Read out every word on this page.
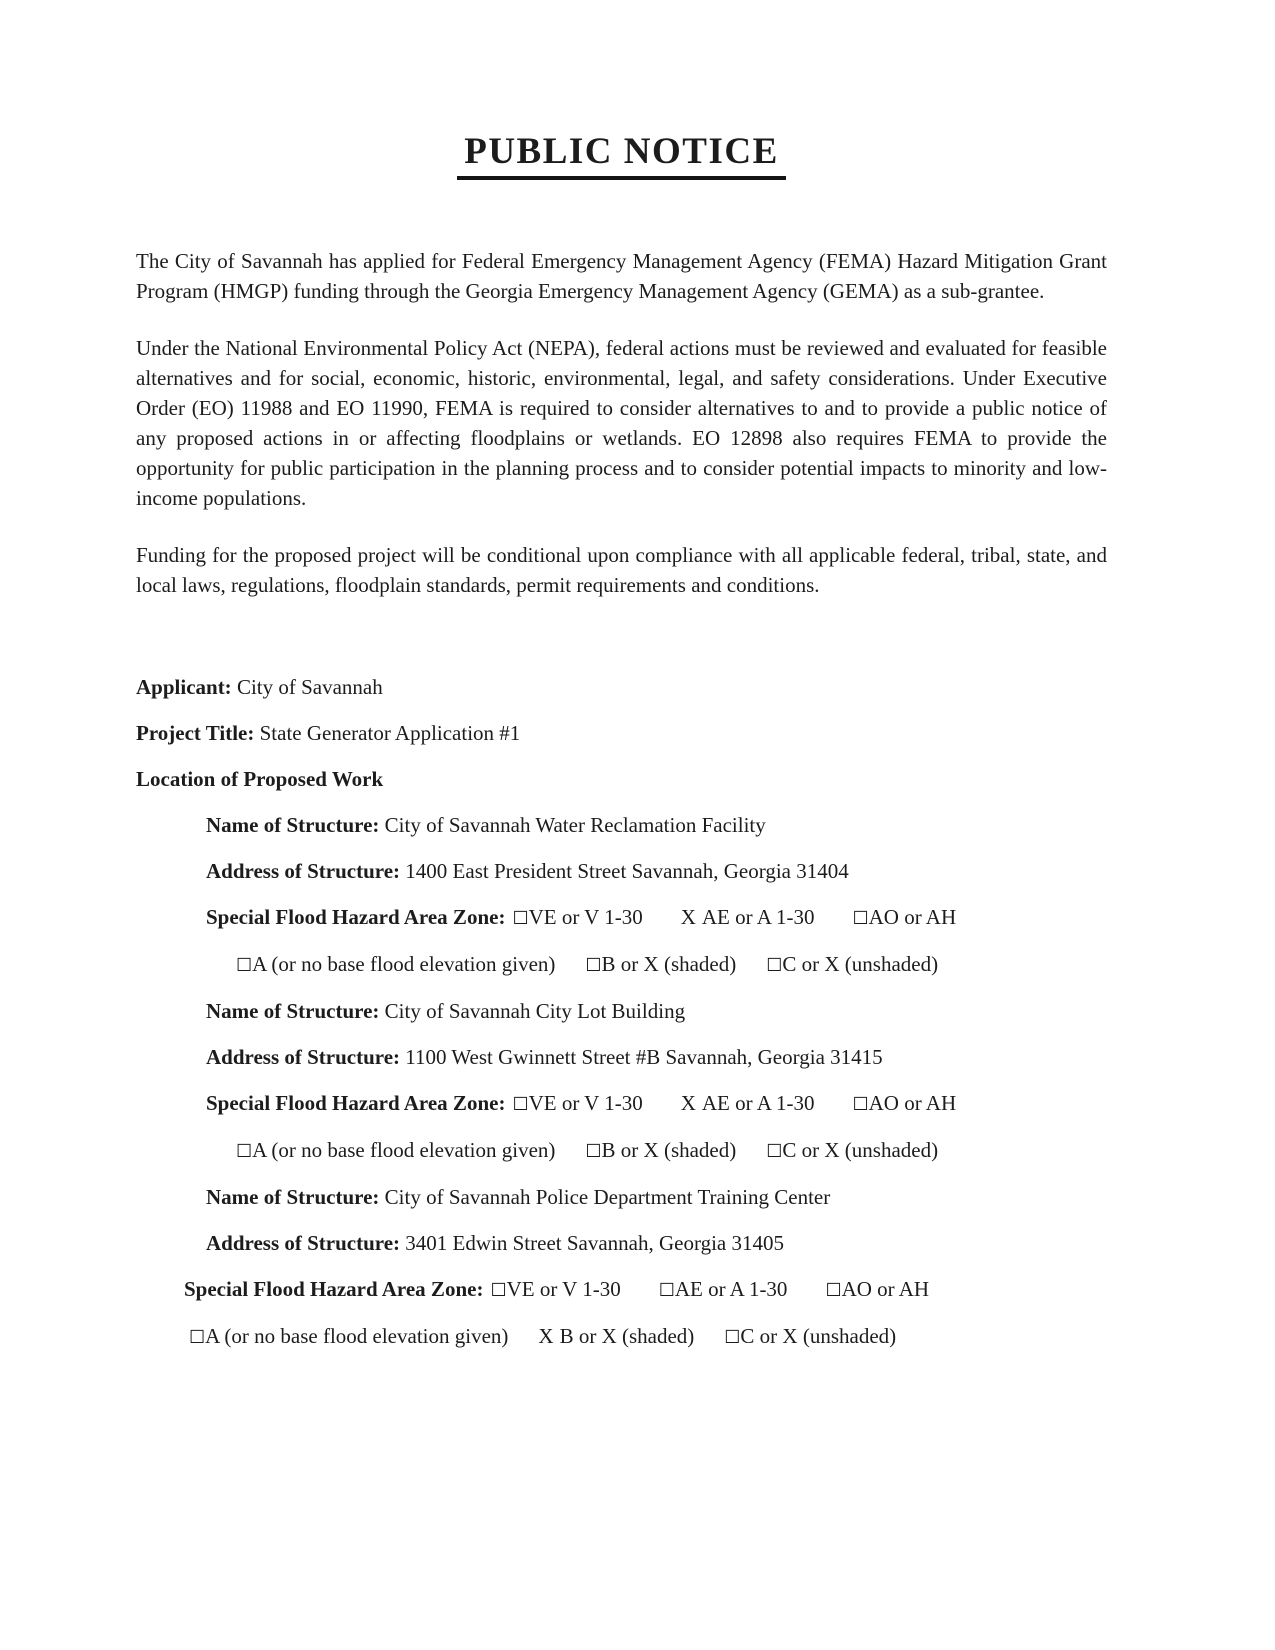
PUBLIC NOTICE

The City of Savannah has applied for Federal Emergency Management Agency (FEMA) Hazard Mitigation Grant Program (HMGP) funding through the Georgia Emergency Management Agency (GEMA) as a sub-grantee.

Under the National Environmental Policy Act (NEPA), federal actions must be reviewed and evaluated for feasible alternatives and for social, economic, historic, environmental, legal, and safety considerations. Under Executive Order (EO) 11988 and EO 11990, FEMA is required to consider alternatives to and to provide a public notice of any proposed actions in or affecting floodplains or wetlands. EO 12898 also requires FEMA to provide the opportunity for public participation in the planning process and to consider potential impacts to minority and low-income populations.

Funding for the proposed project will be conditional upon compliance with all applicable federal, tribal, state, and local laws, regulations, floodplain standards, permit requirements and conditions.

Applicant: City of Savannah

Project Title: State Generator Application #1

Location of Proposed Work

Name of Structure: City of Savannah Water Reclamation Facility

Address of Structure: 1400 East President Street Savannah, Georgia 31404

Special Flood Hazard Area Zone: ☐VE or V 1-30 X AE or A 1-30 ☐AO or AH

☐A (or no base flood elevation given) ☐B or X (shaded) ☐C or X (unshaded)

Name of Structure: City of Savannah City Lot Building

Address of Structure: 1100 West Gwinnett Street #B Savannah, Georgia 31415

Special Flood Hazard Area Zone: ☐VE or V 1-30 X AE or A 1-30 ☐AO or AH

☐A (or no base flood elevation given) ☐B or X (shaded) ☐C or X (unshaded)

Name of Structure: City of Savannah Police Department Training Center

Address of Structure: 3401 Edwin Street Savannah, Georgia 31405

Special Flood Hazard Area Zone: ☐VE or V 1-30 ☐AE or A 1-30 ☐AO or AH

☐A (or no base flood elevation given) X B or X (shaded) ☐C or X (unshaded)
